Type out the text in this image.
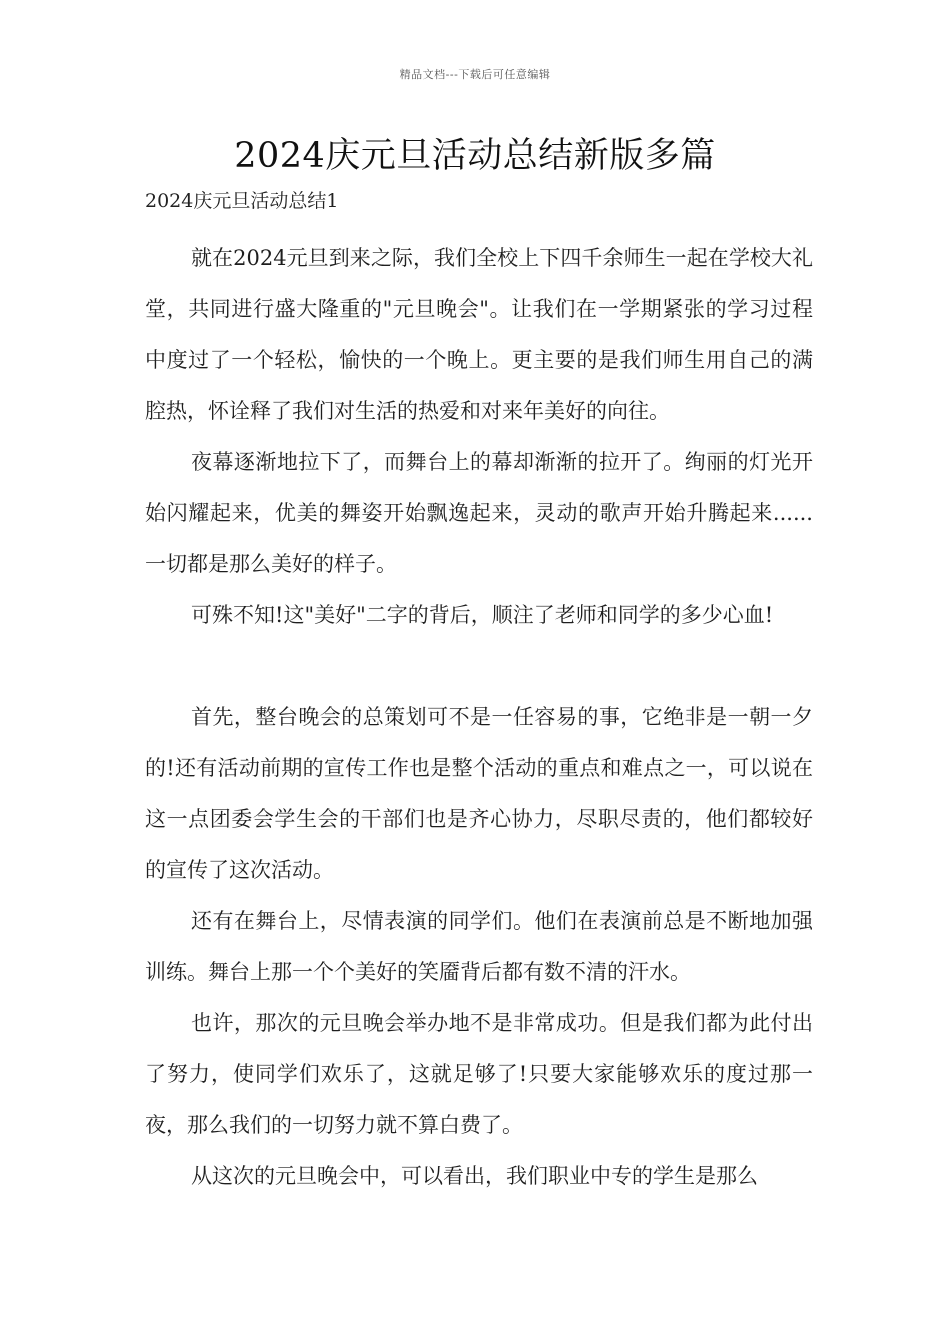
精品文档---下载后可任意编辑
2024庆元旦活动总结新版多篇
2024庆元旦活动总结1

就在2024元旦到来之际，我们全校上下四千余师生一起在学校大礼堂，共同进行盛大隆重的"元旦晚会"。让我们在一学期紧张的学习过程中度过了一个轻松，愉快的一个晚上。更主要的是我们师生用自己的满腔热，怀诠释了我们对生活的热爱和对来年美好的向往。

夜幕逐渐地拉下了，而舞台上的幕却渐渐的拉开了。绚丽的灯光开始闪耀起来，优美的舞姿开始飘逸起来，灵动的歌声开始升腾起来......一切都是那么美好的样子。

可殊不知!这"美好"二字的背后，顺注了老师和同学的多少心血!

首先，整台晚会的总策划可不是一任容易的事，它绝非是一朝一夕的!还有活动前期的宣传工作也是整个活动的重点和难点之一，可以说在这一点团委会学生会的干部们也是齐心协力，尽职尽责的，他们都较好的宣传了这次活动。

还有在舞台上，尽情表演的同学们。他们在表演前总是不断地加强训练。舞台上那一个个美好的笑靥背后都有数不清的汗水。

也许，那次的元旦晚会举办地不是非常成功。但是我们都为此付出了努力，使同学们欢乐了，这就足够了!只要大家能够欢乐的度过那一夜，那么我们的一切努力就不算白费了。

从这次的元旦晚会中，可以看出，我们职业中专的学生是那么
